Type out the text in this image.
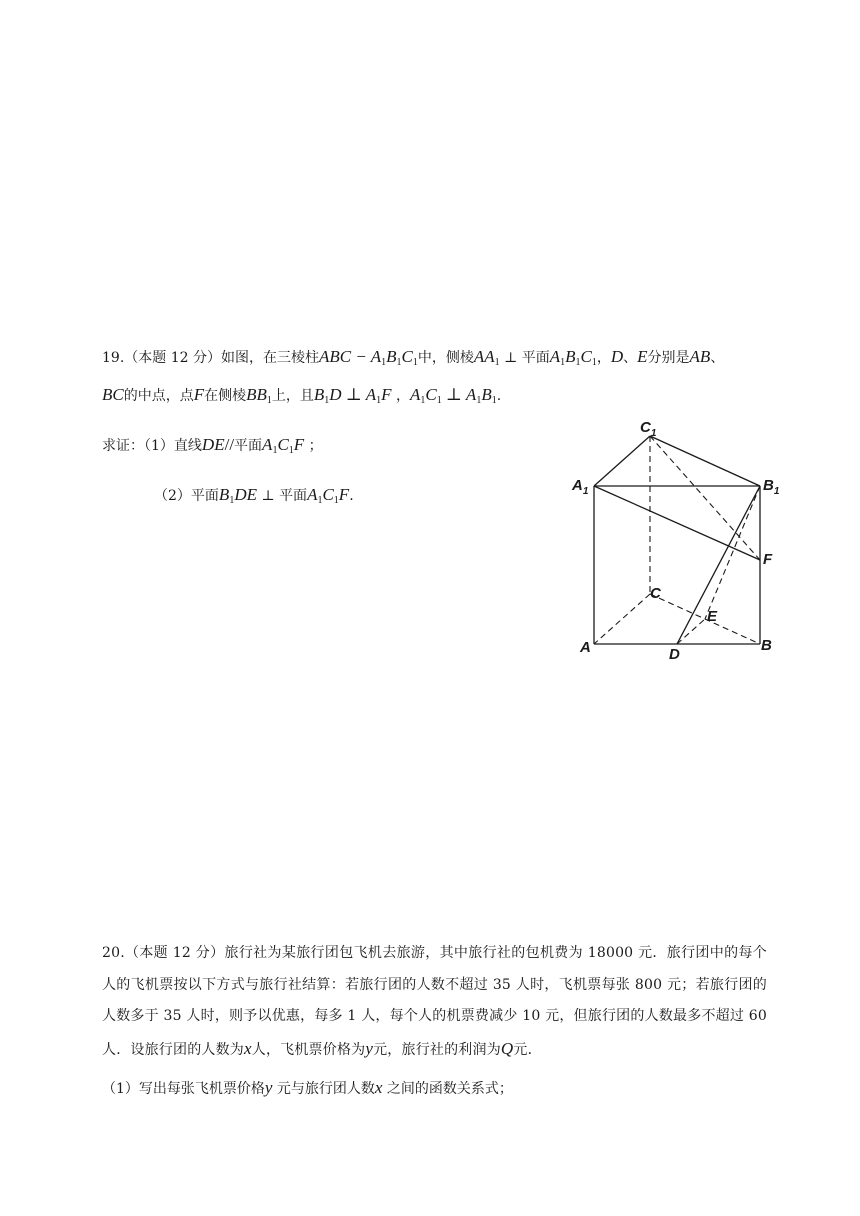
19.（本题 12 分）如图，在三棱柱ABC − $A_1B_1C_1$中，侧棱$AA_1$ ⊥ 平面$A_1B_1C_1$，D、E分别是AB、
BC的中点，点F在侧棱$BB_1$上，且$B_1D$ ⊥ $A_1F$ ，$A_1C_1$ ⊥ $A_1B_1$.
求证：（1）直线DE//平面$A_1C_1F$ ；
（2）平面$B_1DE$ ⊥ 平面$A_1C_1F$.
$C_1$
$A_1$	$B_1$
F
C
E
A	D
B
20.（本题 12 分）旅行社为某旅行团包飞机去旅游，其中旅行社的包机费为 18000 元．旅行团中的每个人的飞机票按以下方式与旅行社结算：若旅行团的人数不超过 35 人时，飞机票每张 800 元；若旅行团的人数多于 35 人时，则予以优惠，每多 1 人，每个人的机票费减少 10 元，但旅行团的人数最多不超过 60 人．设旅行团的人数为x人，飞机票价格为y元，旅行社的利润为Q元．
（1）写出每张飞机票价格y 元与旅行团人数x 之间的函数关系式；
